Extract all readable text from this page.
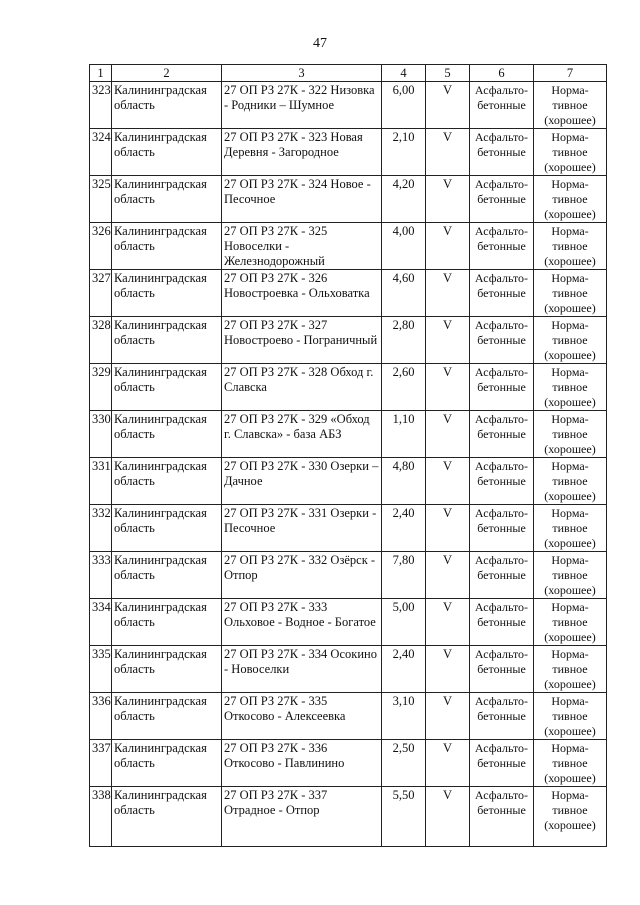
47
1	2	3	4	5	6	7
323	Калининградская область	27 ОП РЗ 27К - 322 Низовка - Родники – Шумное	6,00	V	Асфальто-бетонные	Норма-тивное (хорошее)
324	Калининградская область	27 ОП РЗ 27К - 323 Новая Деревня - Загородное	2,10	V	Асфальто-бетонные	Норма-тивное (хорошее)
325	Калининградская область	27 ОП РЗ 27К - 324 Новое - Песочное	4,20	V	Асфальто-бетонные	Норма-тивное (хорошее)
326	Калининградская область	27 ОП РЗ 27К - 325 Новоселки - Железнодорожный	4,00	V	Асфальто-бетонные	Норма-тивное (хорошее)
327	Калининградская область	27 ОП РЗ 27К - 326 Новостроевка - Ольховатка	4,60	V	Асфальто-бетонные	Норма-тивное (хорошее)
328	Калининградская область	27 ОП РЗ 27К - 327 Новостроево - Пограничный	2,80	V	Асфальто-бетонные	Норма-тивное (хорошее)
329	Калининградская область	27 ОП РЗ 27К - 328 Обход г. Славска	2,60	V	Асфальто-бетонные	Норма-тивное (хорошее)
330	Калининградская область	27 ОП РЗ 27К - 329 «Обход г. Славска» - база АБЗ	1,10	V	Асфальто-бетонные	Норма-тивное (хорошее)
331	Калининградская область	27 ОП РЗ 27К - 330 Озерки – Дачное	4,80	V	Асфальто-бетонные	Норма-тивное (хорошее)
332	Калининградская область	27 ОП РЗ 27К - 331 Озерки - Песочное	2,40	V	Асфальто-бетонные	Норма-тивное (хорошее)
333	Калининградская область	27 ОП РЗ 27К - 332 Озёрск - Отпор	7,80	V	Асфальто-бетонные	Норма-тивное (хорошее)
334	Калининградская область	27 ОП РЗ 27К - 333 Ольховое - Водное - Богатое	5,00	V	Асфальто-бетонные	Норма-тивное (хорошее)
335	Калининградская область	27 ОП РЗ 27К - 334 Осокино - Новоселки	2,40	V	Асфальто-бетонные	Норма-тивное (хорошее)
336	Калининградская область	27 ОП РЗ 27К - 335 Откосово - Алексеевка	3,10	V	Асфальто-бетонные	Норма-тивное (хорошее)
337	Калининградская область	27 ОП РЗ 27К - 336 Откосово - Павлинино	2,50	V	Асфальто-бетонные	Норма-тивное (хорошее)
338	Калининградская область	27 ОП РЗ 27К - 337 Отрадное - Отпор	5,50	V	Асфальто-бетонные	Норма-тивное (хорошее)
